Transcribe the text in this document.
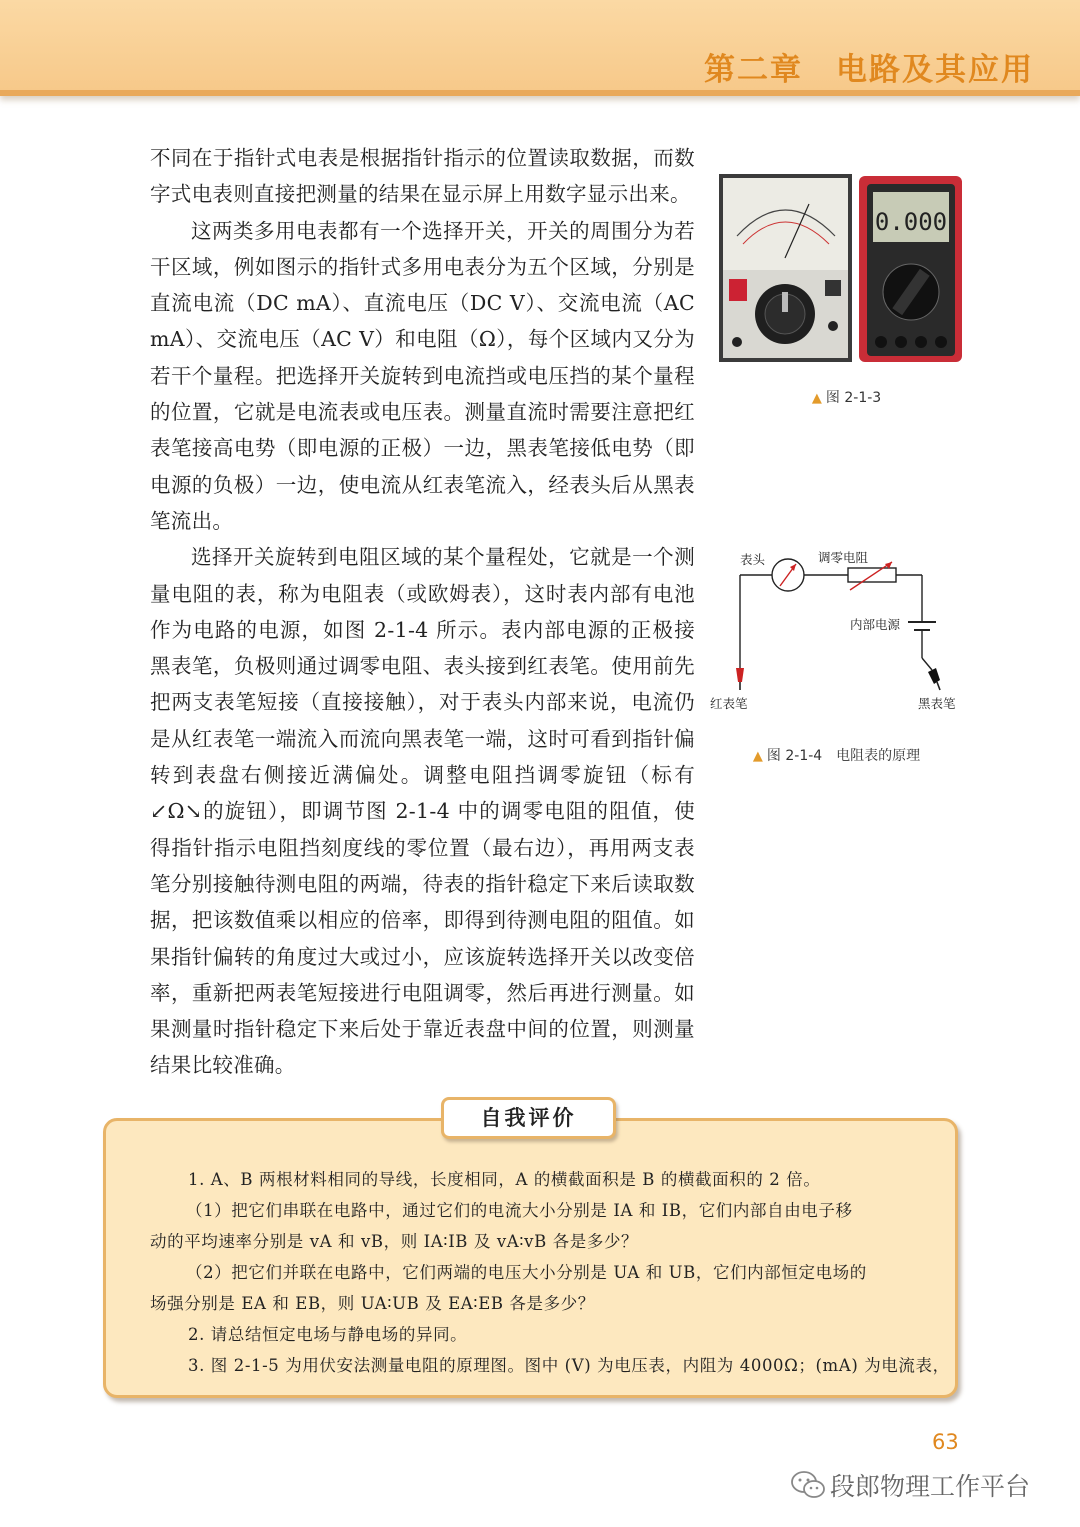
第二章　电路及其应用

不同在于指针式电表是根据指针指示的位置读取数据，而数字式电表则直接把测量的结果在显示屏上用数字显示出来。

这两类多用电表都有一个选择开关，开关的周围分为若干区域，例如图示的指针式多用电表分为五个区域，分别是直流电流（DC mA）、直流电压（DC V）、交流电流（AC mA）、交流电压（AC V）和电阻（Ω），每个区域内又分为若干个量程。把选择开关旋转到电流挡或电压挡的某个量程的位置，它就是电流表或电压表。测量直流时需要注意把红表笔接高电势（即电源的正极）一边，黑表笔接低电势（即电源的负极）一边，使电流从红表笔流入，经表头后从黑表笔流出。

选择开关旋转到电阻区域的某个量程处，它就是一个测量电阻的表，称为电阻表（或欧姆表），这时表内部有电池作为电路的电源，如图 2-1-4 所示。表内部电源的正极接黑表笔，负极则通过调零电阻、表头接到红表笔。使用前先把两支表笔短接（直接接触），对于表头内部来说，电流仍是从红表笔一端流入而流向黑表笔一端，这时可看到指针偏转到表盘右侧接近满偏处。调整电阻挡调零旋钮（标有↙Ω↘的旋钮），即调节图 2-1-4 中的调零电阻的阻值，使得指针指示电阻挡刻度线的零位置（最右边），再用两支表笔分别接触待测电阻的两端，待表的指针稳定下来后读取数据，把该数值乘以相应的倍率，即得到待测电阻的阻值。如果指针偏转的角度过大或过小，应该旋转选择开关以改变倍率，重新把两表笔短接进行电阻调零，然后再进行测量。如果测量时指针稳定下来后处于靠近表盘中间的位置，则测量结果比较准确。

0.000

▲ 图 2-1-3

表头	调零电阻
内部电源
红表笔	黑表笔

▲ 图 2-1-4　电阻表的原理

自我评价
1. A、B 两根材料相同的导线，长度相同，A 的横截面积是 B 的横截面积的 2 倍。
（1）把它们串联在电路中，通过它们的电流大小分别是 IA 和 IB，它们内部自由电子移
动的平均速率分别是 vA 和 vB，则 IA∶IB 及 vA∶vB 各是多少？
（2）把它们并联在电路中，它们两端的电压大小分别是 UA 和 UB，它们内部恒定电场的
场强分别是 EA 和 EB，则 UA∶UB 及 EA∶EB 各是多少？
2. 请总结恒定电场与静电场的异同。
3. 图 2-1-5 为用伏安法测量电阻的原理图。图中 (V) 为电压表，内阻为 4000Ω；(mA) 为电流表，
63
段郎物理工作平台
